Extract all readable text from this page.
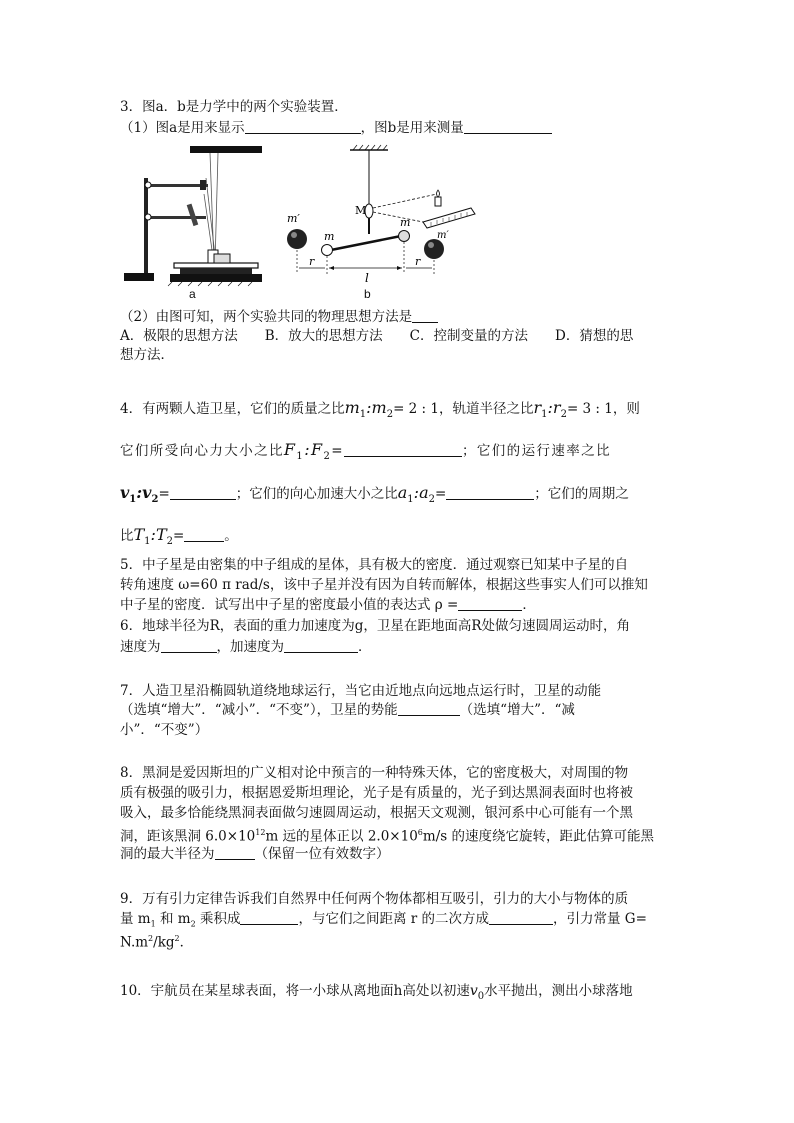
3．图a．b是力学中的两个实验装置．
（1）图a是用来显示	，图b是用来测量
a
m′
m
M
m
m′
r
l
r
b
（2）由图可知，两个实验共同的物理思想方法是
A．极限的思想方法　　B．放大的思想方法　　C．控制变量的方法　　D．猜想的思
想方法．
4．有两颗人造卫星，它们的质量之比$m_1:m_2= 2$ : 1，轨道半径之比$r_1:r_2= 3$ : 1，则
它们所受向心力大小之比$F_1:F_2=$	；它们的运行速率之比
$v_1:v_2=$	；它们的向心加速大小之比$a_1:a_2=$	；它们的周期之
比$T_1:T_2=$	。
5．中子星是由密集的中子组成的星体，具有极大的密度．通过观察已知某中子星的自
转角速度 ω=60 π rad/s，该中子星并没有因为自转而解体，根据这些事实人们可以推知
中子星的密度．试写出中子星的密度最小值的表达式 ρ =	．
6．地球半径为R，表面的重力加速度为g，卫星在距地面高R处做匀速圆周运动时，角
速度为	，加速度为	．
7．人造卫星沿椭圆轨道绕地球运行，当它由近地点向远地点运行时，卫星的动能
（选填“增大”．“减小”．“不变”），卫星的势能	（选填“增大”．“减
小”．“不变”）
8．黑洞是爱因斯坦的广义相对论中预言的一种特殊天体，它的密度极大，对周围的物
质有极强的吸引力，根据恩爱斯坦理论，光子是有质量的，光子到达黑洞表面时也将被
吸入，最多恰能绕黑洞表面做匀速圆周运动，根据天文观测，银河系中心可能有一个黑
洞，距该黑洞 $6.0\times 10^{12}m$ 远的星体正以 $2.0\times 10^6m/s$ 的速度绕它旋转，距此估算可能黑
洞的最大半径为	（保留一位有效数字）
9．万有引力定律告诉我们自然界中任何两个物体都相互吸引，引力的大小与物体的质
量 $m_1$ 和 $m_2$ 乘积成	，与它们之间距离 r 的二次方成	，引力常量 G=
$N.m^2/kg^2$．
10．宇航员在某星球表面，将一小球从离地面h高处以初速$v_0$水平抛出，测出小球落地
